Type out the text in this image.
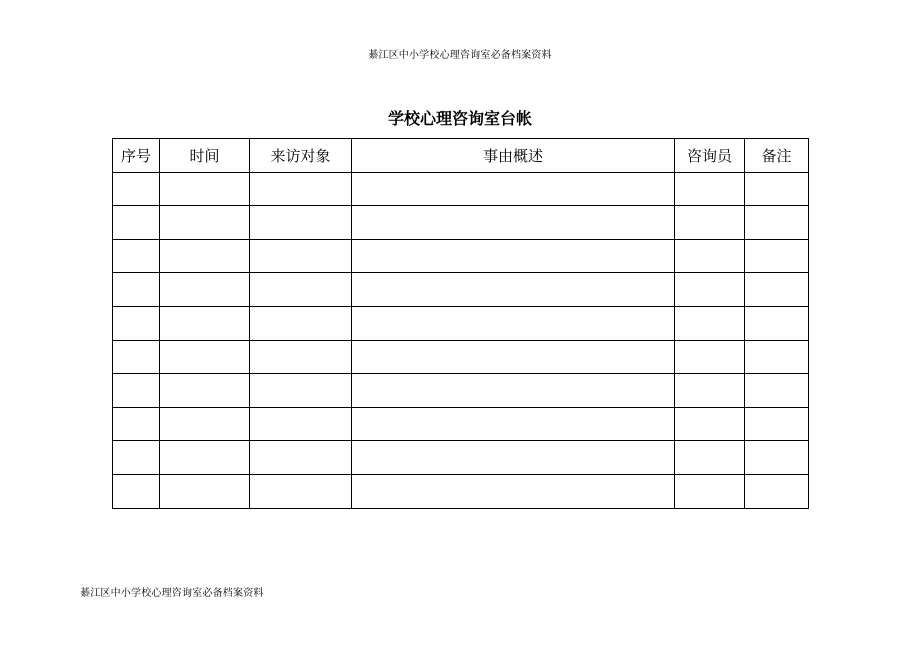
綦江区中小学校心理咨询室必备档案资料
学校心理咨询室台帐
序号	时间	来访对象	事由概述	咨询员	备注

綦江区中小学校心理咨询室必备档案资料
